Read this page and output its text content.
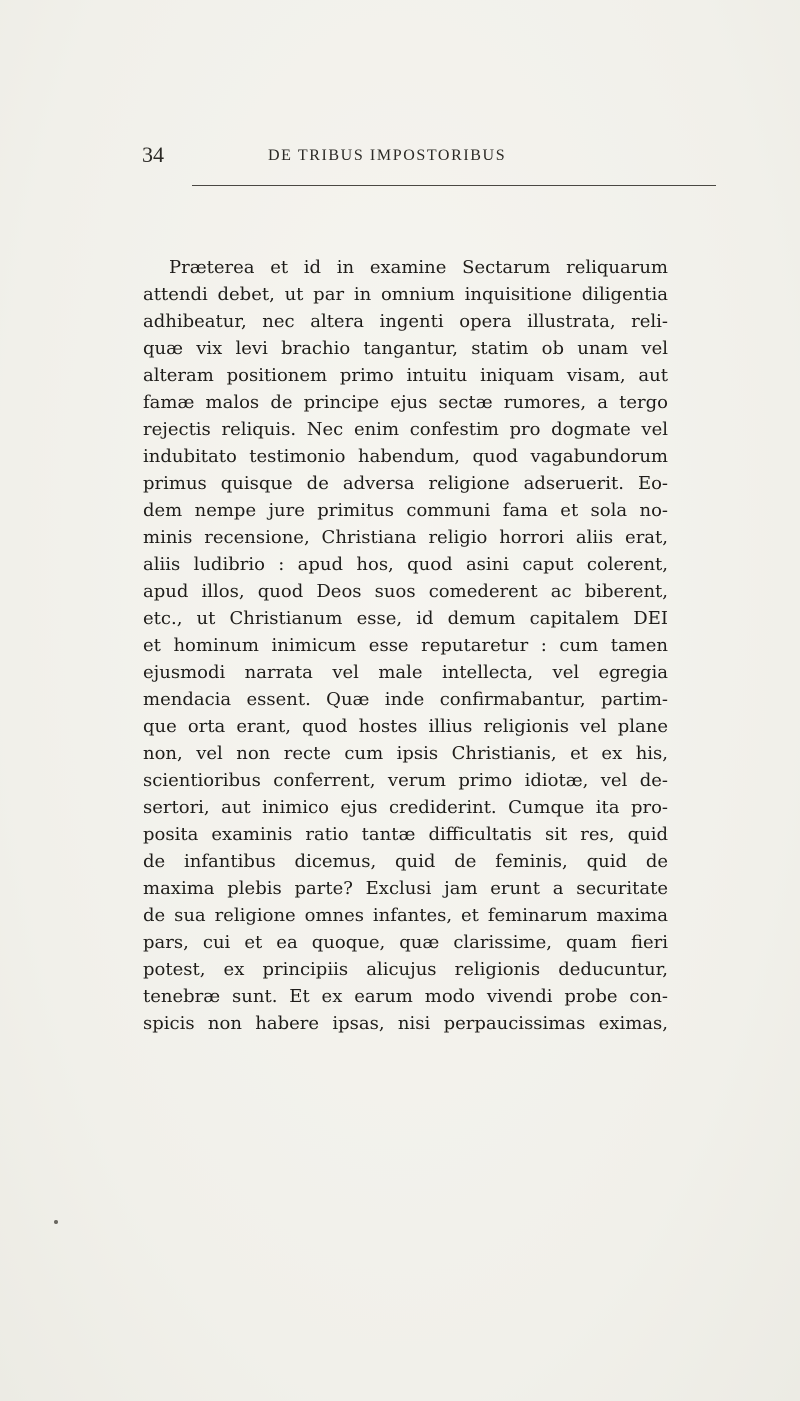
34	DE TRIBUS IMPOSTORIBUS
Præterea et id in examine Sectarum reliquarum
attendi debet, ut par in omnium inquisitione diligentia
adhibeatur, nec altera ingenti opera illustrata, reli-
quæ vix levi brachio tangantur, statim ob unam vel
alteram positionem primo intuitu iniquam visam, aut
famæ malos de principe ejus sectæ rumores, a tergo
rejectis reliquis. Nec enim confestim pro dogmate vel
indubitato testimonio habendum, quod vagabundorum
primus quisque de adversa religione adseruerit. Eo-
dem nempe jure primitus communi fama et sola no-
minis recensione, Christiana religio horrori aliis erat,
aliis ludibrio : apud hos, quod asini caput colerent,
apud illos, quod Deos suos comederent ac biberent,
etc., ut Christianum esse, id demum capitalem DEI
et hominum inimicum esse reputaretur : cum tamen
ejusmodi narrata vel male intellecta, vel egregia
mendacia essent. Quæ inde confirmabantur, partim-
que orta erant, quod hostes illius religionis vel plane
non, vel non recte cum ipsis Christianis, et ex his,
scientioribus conferrent, verum primo idiotæ, vel de-
sertori, aut inimico ejus crediderint. Cumque ita pro-
posita examinis ratio tantæ difficultatis sit res, quid
de infantibus dicemus, quid de feminis, quid de
maxima plebis parte? Exclusi jam erunt a securitate
de sua religione omnes infantes, et feminarum maxima
pars, cui et ea quoque, quæ clarissime, quam fieri
potest, ex principiis alicujus religionis deducuntur,
tenebræ sunt. Et ex earum modo vivendi probe con-
spicis non habere ipsas, nisi perpaucissimas eximas,
